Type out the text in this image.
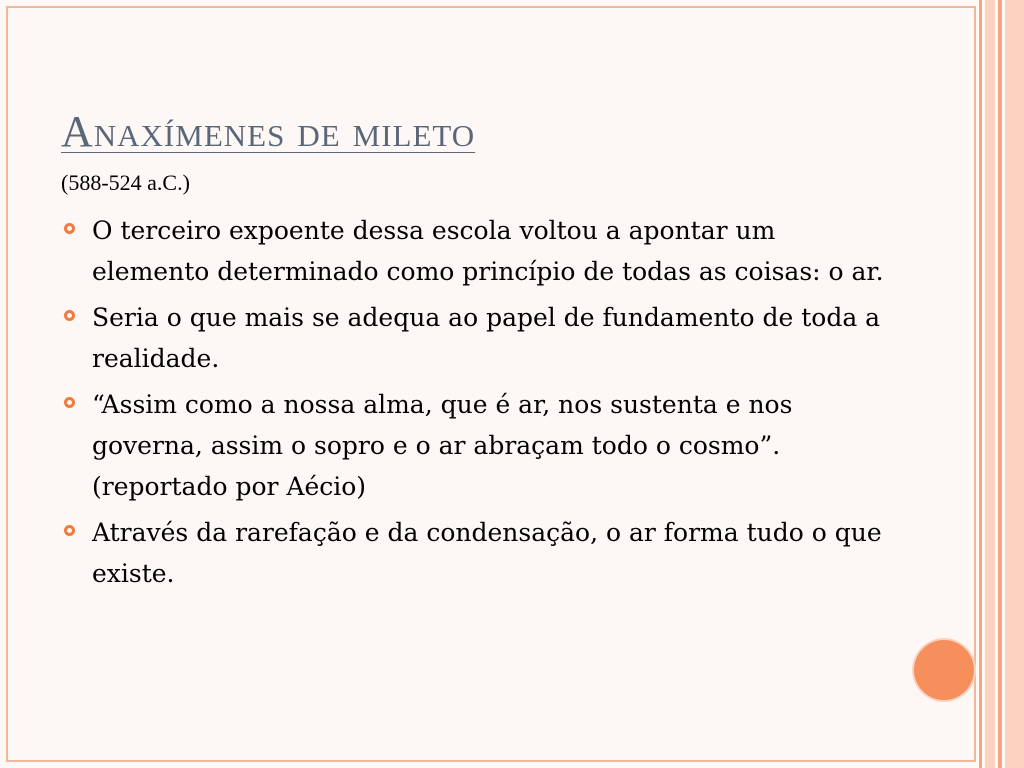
Anaxímenes de mileto
(588-524 a.C.)
O terceiro expoente dessa escola voltou a apontar um elemento determinado como princípio de todas as coisas: o ar.
Seria o que mais se adequa ao papel de fundamento de toda a realidade.
“Assim como a nossa alma, que é ar, nos sustenta e nos governa, assim o sopro e o ar abraçam todo o cosmo”. (reportado por Aécio)
Através da rarefação e da condensação, o ar forma tudo o que existe.
